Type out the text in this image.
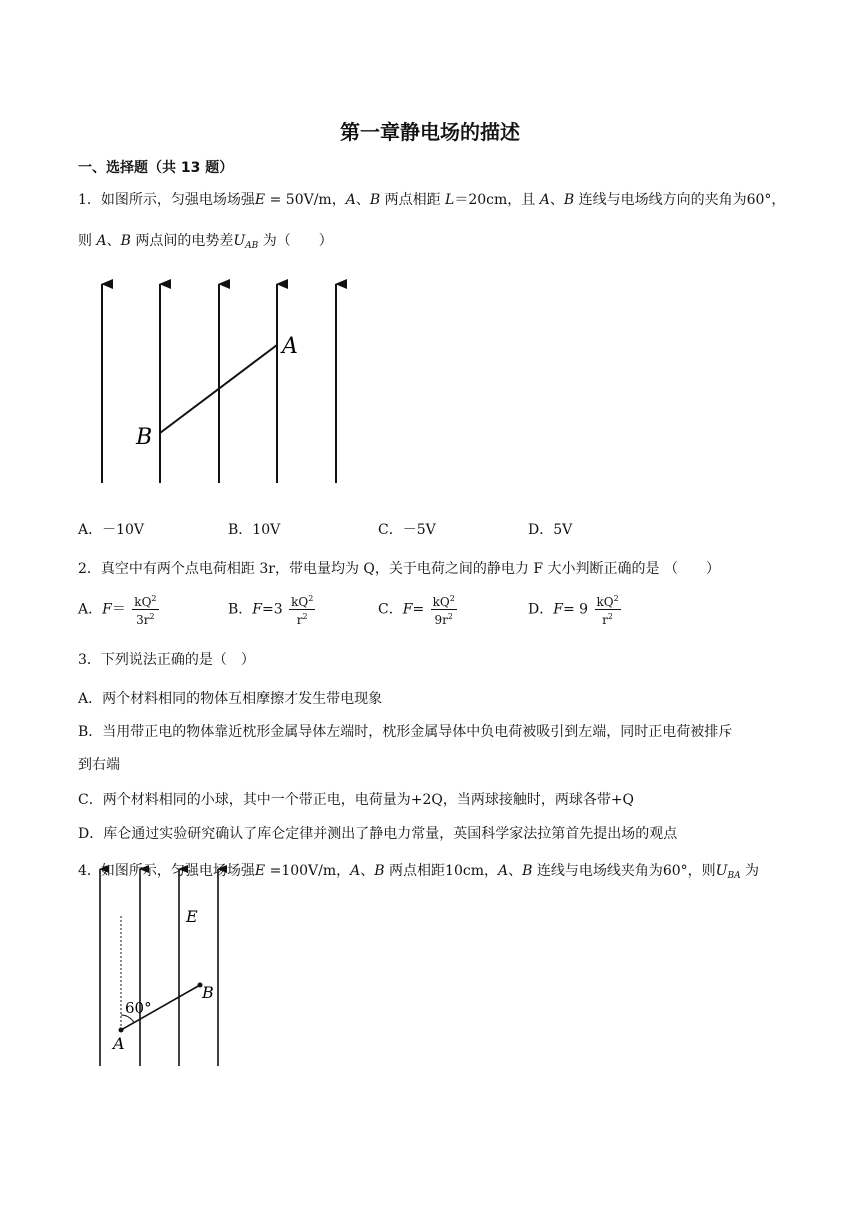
第一章静电场的描述
一、选择题（共 13 题）
1．如图所示，匀强电场场强E = 50V/m，A、B 两点相距 L＝20cm，且 A、B 连线与电场线方向的夹角为60°，
则 A、B 两点间的电势差$U_{AB}$ 为（　　）
A
B
A．－10V	B．10V	C．－5V	D．5V
2．真空中有两个点电荷相距 3r，带电量均为 Q，关于电荷之间的静电力 F 大小判断正确的是 （　　）
A．$F= \frac{kQ^2}{3r^2}$	B．$F=3 \frac{kQ^2}{r^2}$	C．$F= \frac{kQ^2}{9r^2}$	D．$F= 9 \frac{kQ^2}{r^2}$
3．下列说法正确的是（　）
A．两个材料相同的物体互相摩擦才发生带电现象
B．当用带正电的物体靠近枕形金属导体左端时，枕形金属导体中负电荷被吸引到左端，同时正电荷被排斥
到右端
C．两个材料相同的小球，其中一个带正电，电荷量为+2Q，当两球接触时，两球各带+Q
D．库仑通过实验研究确认了库仑定律并测出了静电力常量，英国科学家法拉第首先提出场的观点
4．如图所示，匀强电场场强E =100V/m，A、B 两点相距10cm，A、B 连线与电场线夹角为60°，则$U_{BA}$ 为
E
A
B
60°
